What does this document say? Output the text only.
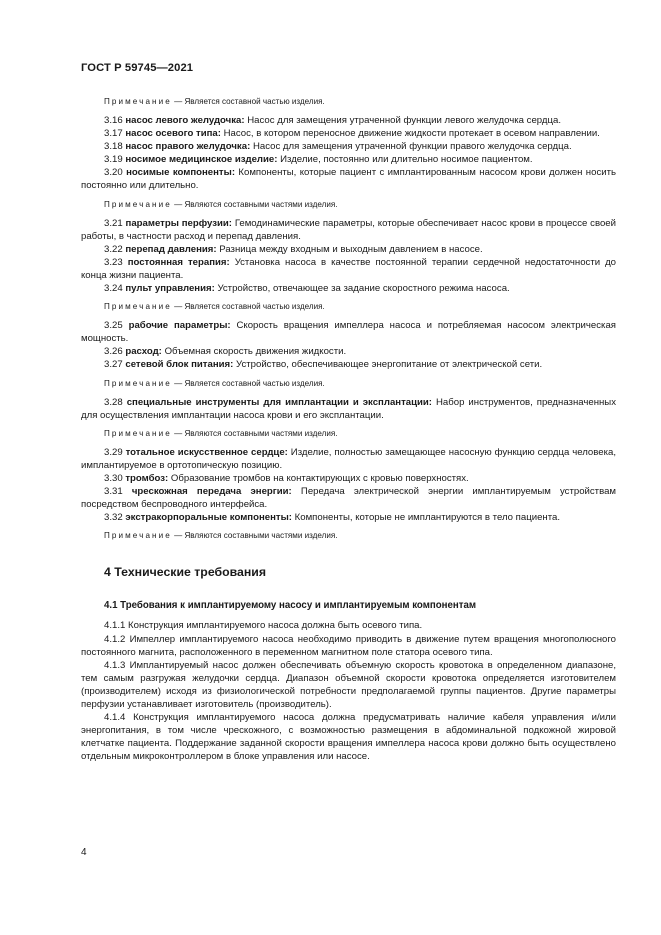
ГОСТ Р 59745—2021

Примечание — Является составной частью изделия.

3.16 насос левого желудочка: Насос для замещения утраченной функции левого желудочка сердца.

3.17 насос осевого типа: Насос, в котором переносное движение жидкости протекает в осевом направлении.

3.18 насос правого желудочка: Насос для замещения утраченной функции правого желудочка сердца.

3.19 носимое медицинское изделие: Изделие, постоянно или длительно носимое пациентом.

3.20 носимые компоненты: Компоненты, которые пациент с имплантированным насосом крови должен носить постоянно или длительно.

Примечание — Являются составными частями изделия.

3.21 параметры перфузии: Гемодинамические параметры, которые обеспечивает насос крови в процессе своей работы, в частности расход и перепад давления.

3.22 перепад давления: Разница между входным и выходным давлением в насосе.

3.23 постоянная терапия: Установка насоса в качестве постоянной терапии сердечной недостаточности до конца жизни пациента.

3.24 пульт управления: Устройство, отвечающее за задание скоростного режима насоса.

Примечание — Является составной частью изделия.

3.25 рабочие параметры: Скорость вращения импеллера насоса и потребляемая насосом электрическая мощность.

3.26 расход: Объемная скорость движения жидкости.

3.27 сетевой блок питания: Устройство, обеспечивающее энергопитание от электрической сети.

Примечание — Является составной частью изделия.

3.28 специальные инструменты для имплантации и эксплантации: Набор инструментов, предназначенных для осуществления имплантации насоса крови и его эксплантации.

Примечание — Являются составными частями изделия.

3.29 тотальное искусственное сердце: Изделие, полностью замещающее насосную функцию сердца человека, имплантируемое в ортотопическую позицию.

3.30 тромбоз: Образование тромбов на контактирующих с кровью поверхностях.

3.31 чрескожная передача энергии: Передача электрической энергии имплантируемым устройствам посредством беспроводного интерфейса.

3.32 экстракорпоральные компоненты: Компоненты, которые не имплантируются в тело пациента.

Примечание — Являются составными частями изделия.

4 Технические требования
4.1 Требования к имплантируемому насосу и имплантируемым компонентам

4.1.1 Конструкция имплантируемого насоса должна быть осевого типа.

4.1.2 Импеллер имплантируемого насоса необходимо приводить в движение путем вращения многополюсного постоянного магнита, расположенного в переменном магнитном поле статора осевого типа.

4.1.3 Имплантируемый насос должен обеспечивать объемную скорость кровотока в определенном диапазоне, тем самым разгружая желудочки сердца. Диапазон объемной скорости кровотока определяется изготовителем (производителем) исходя из физиологической потребности предполагаемой группы пациентов. Другие параметры перфузии устанавливает изготовитель (производитель).

4.1.4 Конструкция имплантируемого насоса должна предусматривать наличие кабеля управления и/или энергопитания, в том числе чрескожного, с возможностью размещения в абдоминальной подкожной жировой клетчатке пациента. Поддержание заданной скорости вращения импеллера насоса крови должно быть осуществлено отдельным микроконтроллером в блоке управления или насосе.

4
